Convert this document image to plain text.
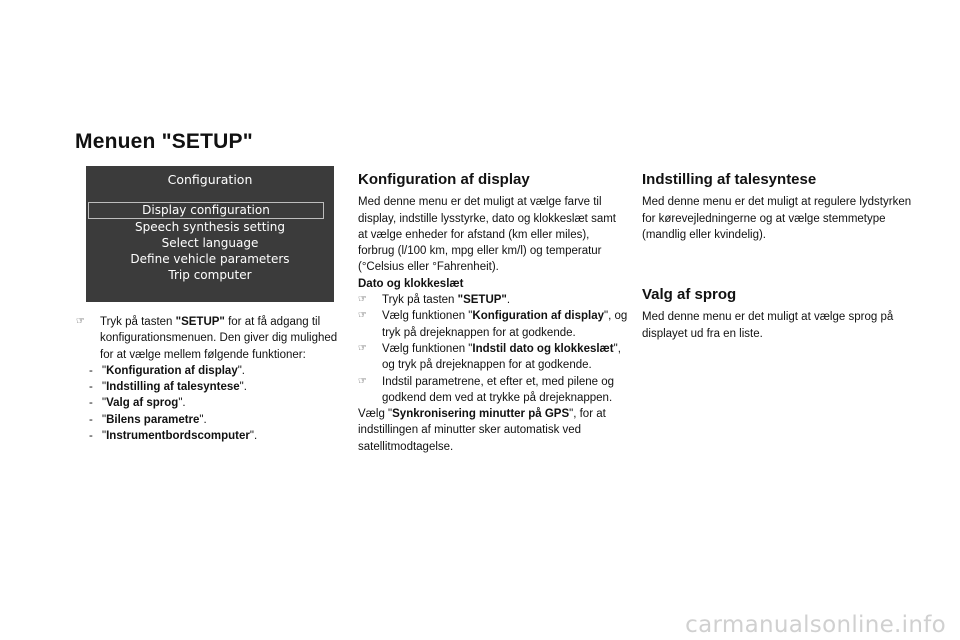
Menuen "SETUP"
Configuration
Display configuration
Speech synthesis setting
Select language
Define vehicle parameters
Trip computer

☞ Tryk på tasten "SETUP" for at få adgang til konfigurationsmenuen. Den giver dig mulighed for at vælge mellem følgende funktioner:

- "Konfiguration af display".

- "Indstilling af talesyntese".

- "Valg af sprog".

- "Bilens parametre".

- "Instrumentbordscomputer".

Konfiguration af display

Med denne menu er det muligt at vælge farve til display, indstille lysstyrke, dato og klokkeslæt samt at vælge enheder for afstand (km eller miles), forbrug (l/100 km, mpg eller km/l) og temperatur (°Celsius eller °Fahrenheit).

Dato og klokkeslæt

☞ Tryk på tasten "SETUP".

☞ Vælg funktionen "Konfiguration af display", og tryk på drejeknappen for at godkende.

☞ Vælg funktionen "Indstil dato og klokkeslæt", og tryk på drejeknappen for at godkende.

☞ Indstil parametrene, et efter et, med pilene og godkend dem ved at trykke på drejeknappen.

Vælg "Synkronisering minutter på GPS", for at indstillingen af minutter sker automatisk ved satellitmodtagelse.

Indstilling af talesyntese

Med denne menu er det muligt at regulere lydstyrken for kørevejledningerne og at vælge stemmetype (mandlig eller kvindelig).

Valg af sprog

Med denne menu er det muligt at vælge sprog på displayet ud fra en liste.

carmanualsonline.info
